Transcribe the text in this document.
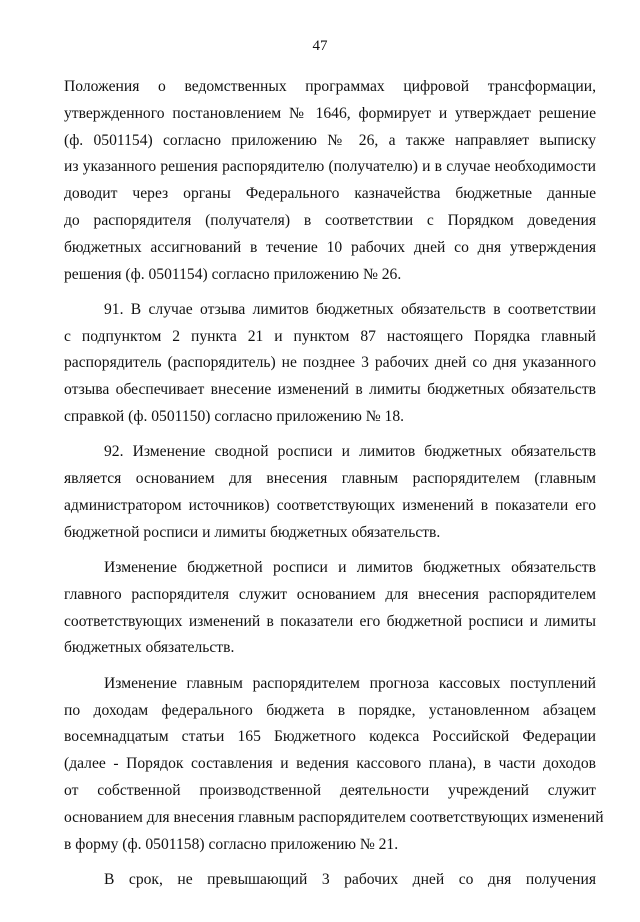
47
Положения о ведомственных программах цифровой трансформации,
утвержденного постановлением № 1646, формирует и утверждает решение
(ф. 0501154) согласно приложению № 26, а также направляет выписку
из указанного решения распорядителю (получателю) и в случае необходимости
доводит через органы Федерального казначейства бюджетные данные
до распорядителя (получателя) в соответствии с Порядком доведения
бюджетных ассигнований в течение 10 рабочих дней со дня утверждения
решения (ф. 0501154) согласно приложению № 26.
91. В случае отзыва лимитов бюджетных обязательств в соответствии
с подпунктом 2 пункта 21 и пунктом 87 настоящего Порядка главный
распорядитель (распорядитель) не позднее 3 рабочих дней со дня указанного
отзыва обеспечивает внесение изменений в лимиты бюджетных обязательств
справкой (ф. 0501150) согласно приложению № 18.
92. Изменение сводной росписи и лимитов бюджетных обязательств
является основанием для внесения главным распорядителем (главным
администратором источников) соответствующих изменений в показатели его
бюджетной росписи и лимиты бюджетных обязательств.
Изменение бюджетной росписи и лимитов бюджетных обязательств
главного распорядителя служит основанием для внесения распорядителем
соответствующих изменений в показатели его бюджетной росписи и лимиты
бюджетных обязательств.
Изменение главным распорядителем прогноза кассовых поступлений
по доходам федерального бюджета в порядке, установленном абзацем
восемнадцатым статьи 165 Бюджетного кодекса Российской Федерации
(далее - Порядок составления и ведения кассового плана), в части доходов
от собственной производственной деятельности учреждений служит
основанием для внесения главным распорядителем соответствующих изменений
в форму (ф. 0501158) согласно приложению № 21.
В срок, не превышающий 3 рабочих дней со дня получения
